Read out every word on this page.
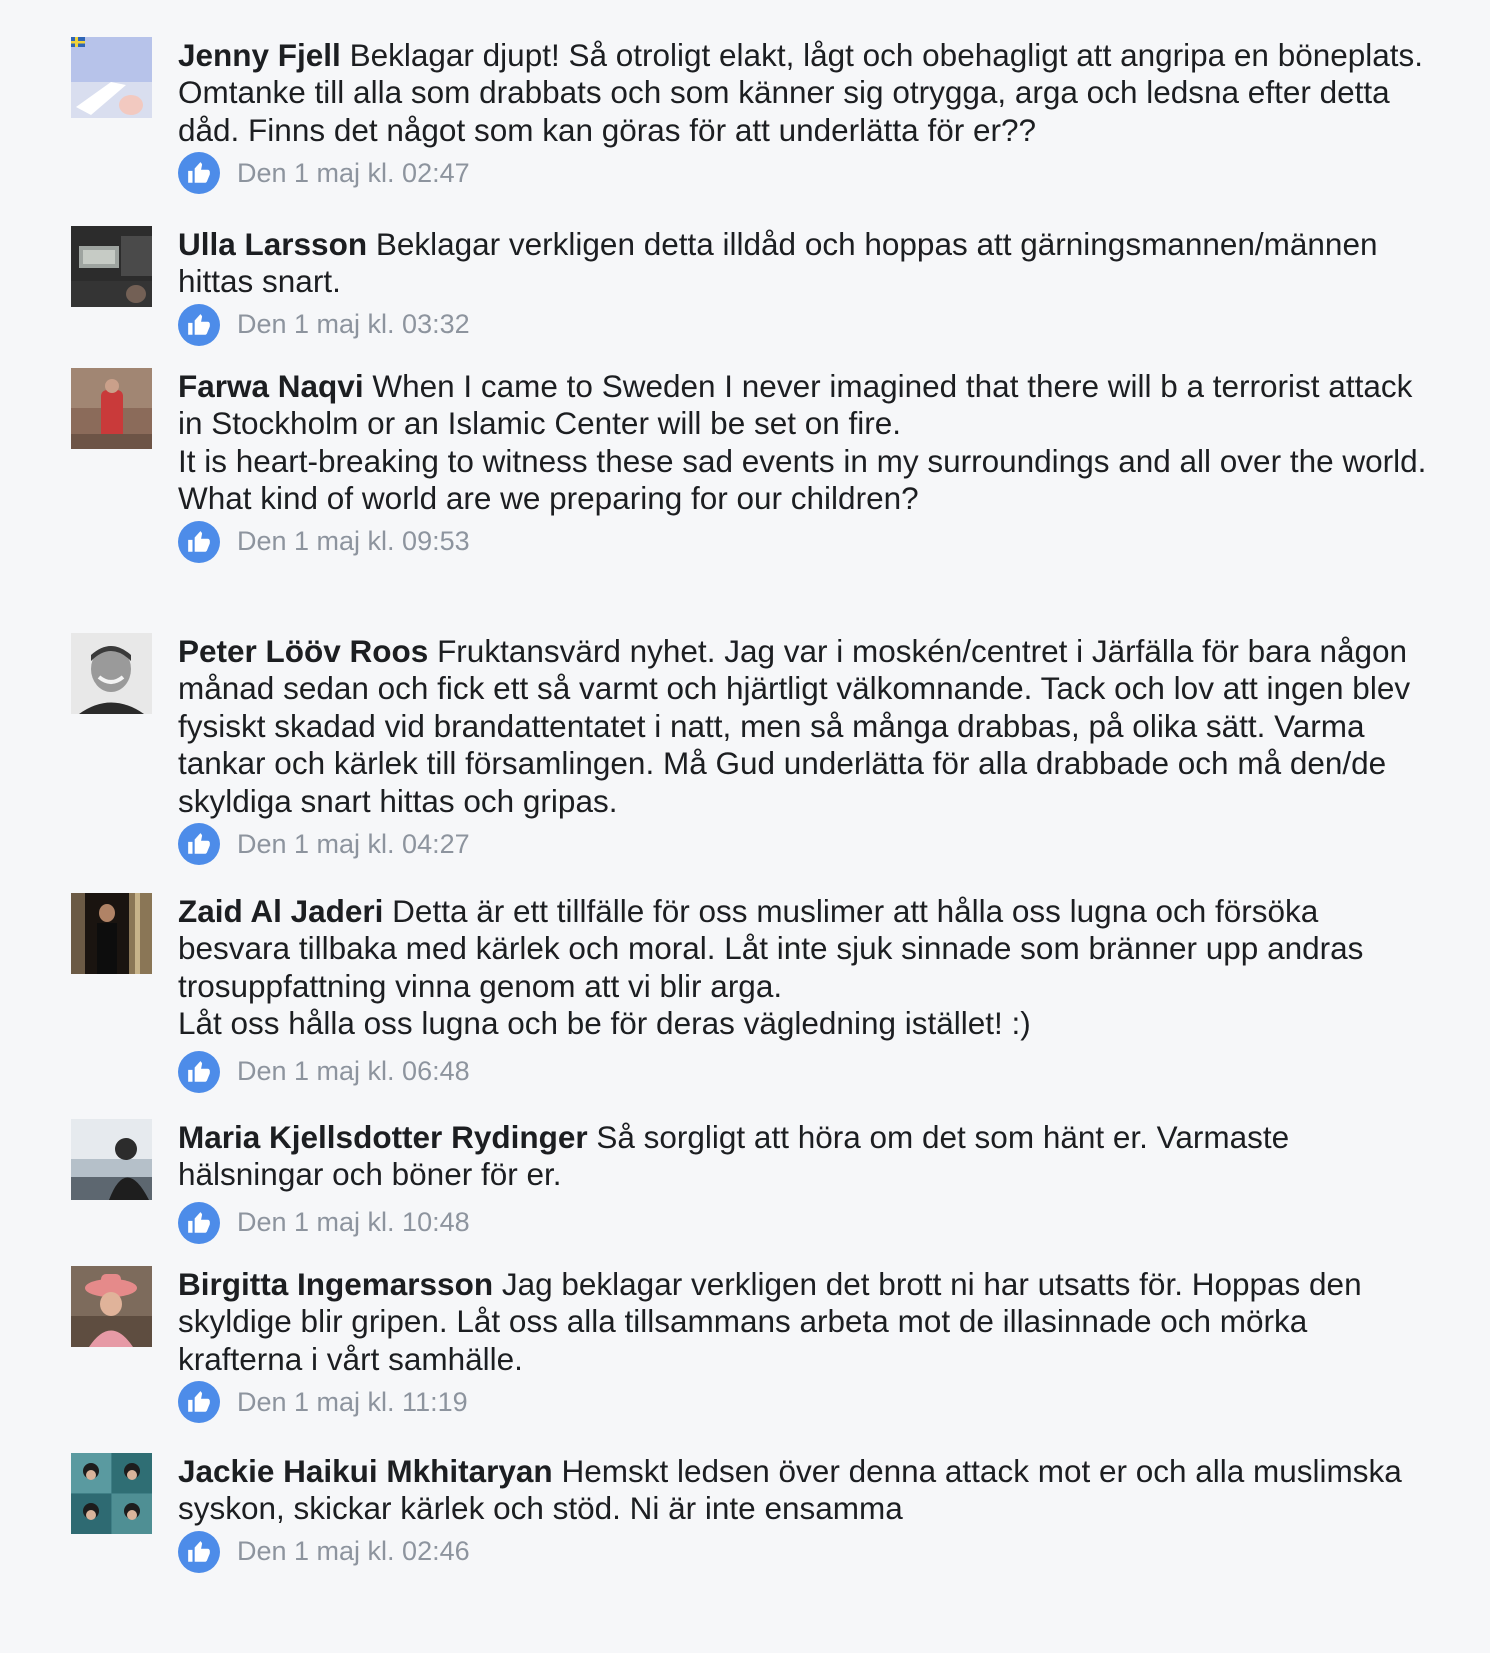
Jenny Fjell Beklagar djupt! Så otroligt elakt, lågt och obehagligt att angripa en böneplats. Omtanke till alla som drabbats och som känner sig otrygga, arga och ledsna efter detta dåd. Finns det något som kan göras för att underlätta för er??

Den 1 maj kl. 02:47

Ulla Larsson Beklagar verkligen detta illdåd och hoppas att gärningsmannen/männen hittas snart.

Den 1 maj kl. 03:32

Farwa Naqvi When I came to Sweden I never imagined that there will b a terrorist attack in Stockholm or an Islamic Center will be set on fire.
It is heart-breaking to witness these sad events in my surroundings and all over the world.
What kind of world are we preparing for our children?

Den 1 maj kl. 09:53

Peter Lööv Roos Fruktansvärd nyhet. Jag var i moskén/centret i Järfälla för bara någon månad sedan och fick ett så varmt och hjärtligt välkomnande. Tack och lov att ingen blev fysiskt skadad vid brandattentatet i natt, men så många drabbas, på olika sätt. Varma tankar och kärlek till församlingen. Må Gud underlätta för alla drabbade och må den/de skyldiga snart hittas och gripas.

Den 1 maj kl. 04:27

Zaid Al Jaderi Detta är ett tillfälle för oss muslimer att hålla oss lugna och försöka besvara tillbaka med kärlek och moral. Låt inte sjuk sinnade som bränner upp andras trosuppfattning vinna genom att vi blir arga.
Låt oss hålla oss lugna och be för deras vägledning istället! :)

Den 1 maj kl. 06:48

Maria Kjellsdotter Rydinger Så sorgligt att höra om det som hänt er. Varmaste hälsningar och böner för er.

Den 1 maj kl. 10:48

Birgitta Ingemarsson Jag beklagar verkligen det brott ni har utsatts för. Hoppas den skyldige blir gripen. Låt oss alla tillsammans arbeta mot de illasinnade och mörka krafterna i vårt samhälle.

Den 1 maj kl. 11:19

Jackie Haikui Mkhitaryan Hemskt ledsen över denna attack mot er och alla muslimska syskon, skickar kärlek och stöd. Ni är inte ensamma

Den 1 maj kl. 02:46
